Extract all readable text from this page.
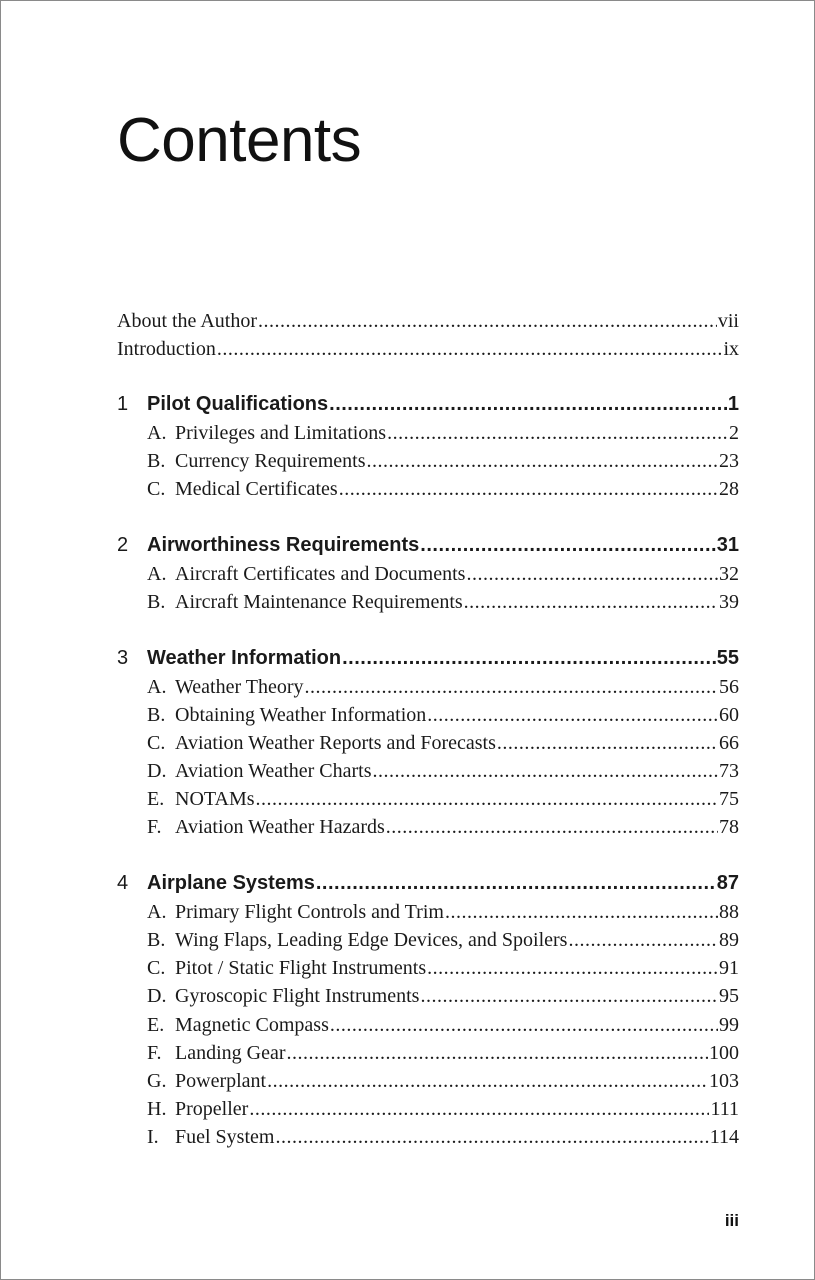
Contents
About the Author .....	vii
Introduction .....	ix
1 Pilot Qualifications .....	1
A. Privileges and Limitations .....	2
B. Currency Requirements .....	23
C. Medical Certificates .....	28
2 Airworthiness Requirements .....	31
A. Aircraft Certificates and Documents .....	32
B. Aircraft Maintenance Requirements .....	39
3 Weather Information .....	55
A. Weather Theory .....	56
B. Obtaining Weather Information .....	60
C. Aviation Weather Reports and Forecasts .....	66
D. Aviation Weather Charts .....	73
E. NOTAMs .....	75
F. Aviation Weather Hazards .....	78
4 Airplane Systems .....	87
A. Primary Flight Controls and Trim .....	88
B. Wing Flaps, Leading Edge Devices, and Spoilers .....	89
C. Pitot / Static Flight Instruments .....	91
D. Gyroscopic Flight Instruments .....	95
E. Magnetic Compass .....	99
F. Landing Gear .....	100
G. Powerplant .....	103
H. Propeller .....	111
I. Fuel System .....	114
iii
